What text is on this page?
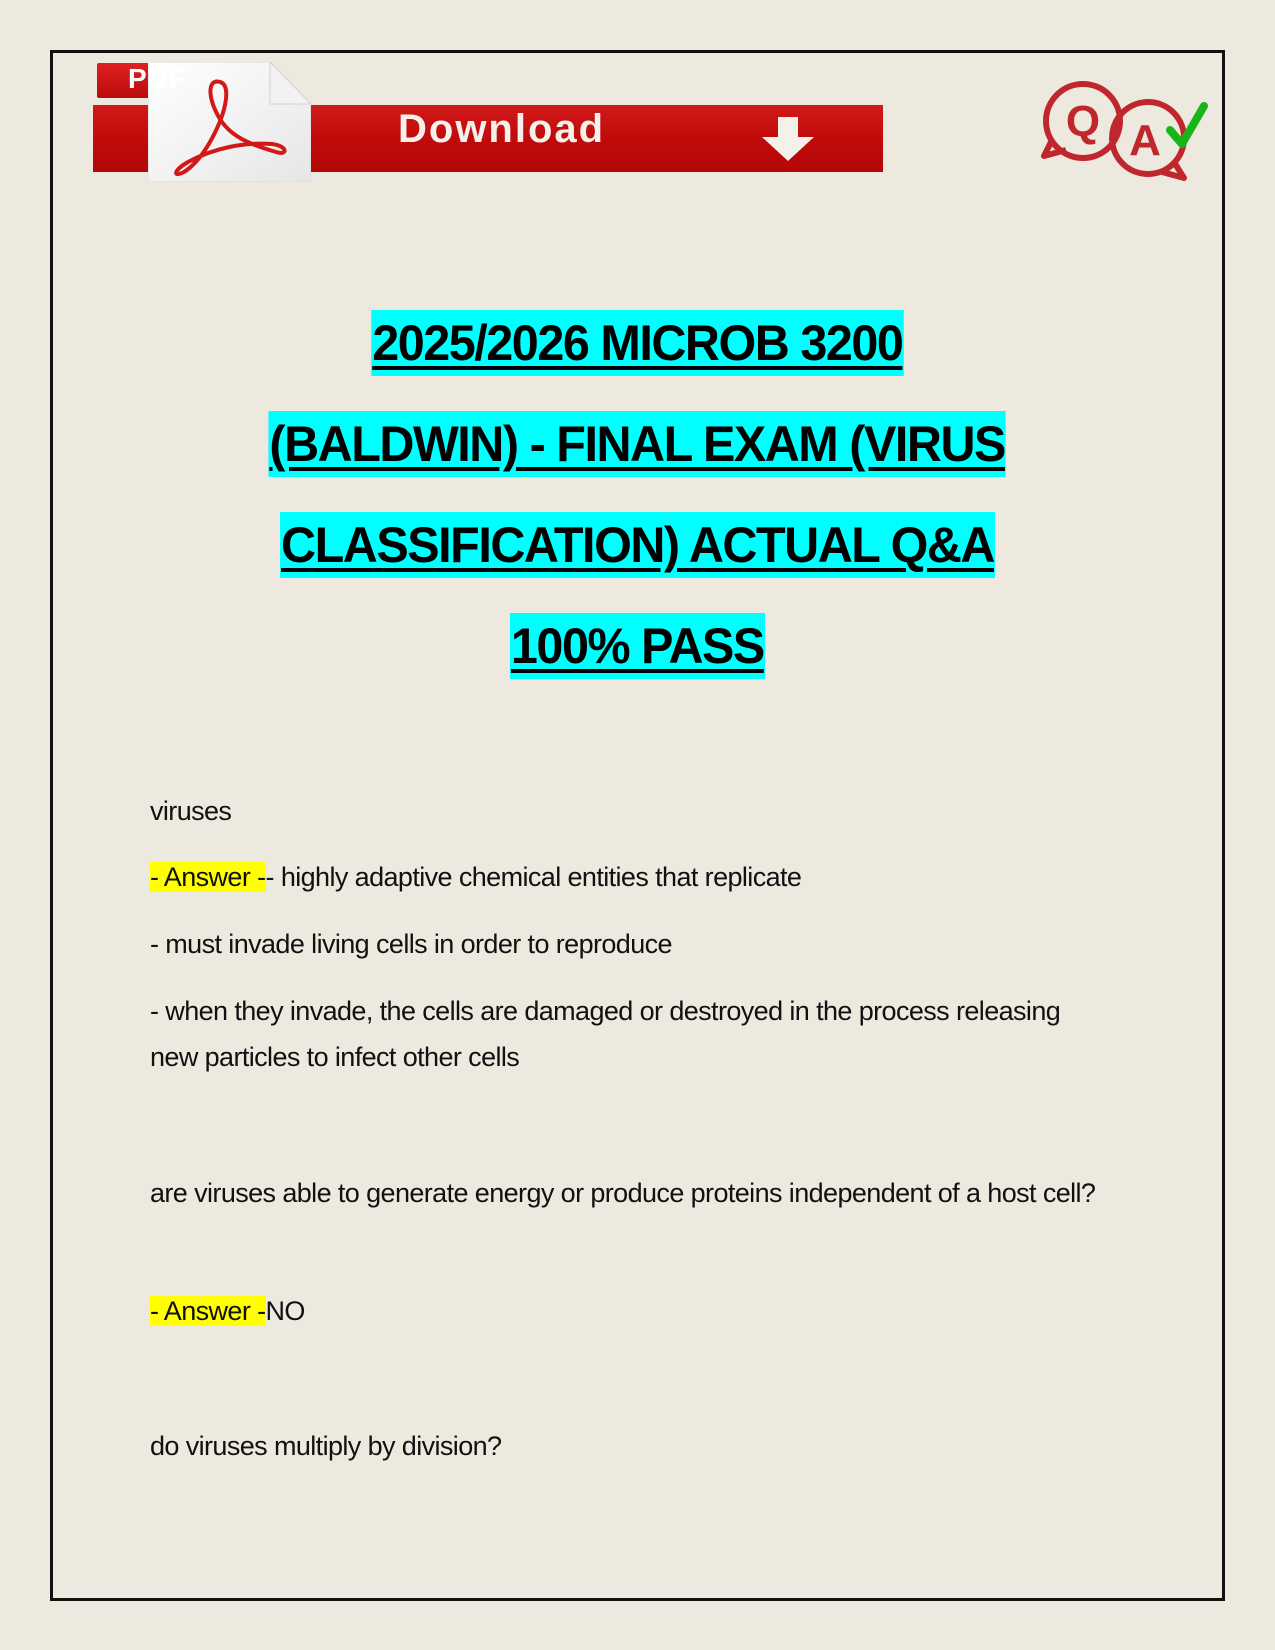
Download
PDF
Q A
2025/2026 MICROB 3200
(BALDWIN) - FINAL EXAM (VIRUS
CLASSIFICATION) ACTUAL Q&A
100% PASS
viruses
- Answer -- highly adaptive chemical entities that replicate
- must invade living cells in order to reproduce
- when they invade, the cells are damaged or destroyed in the process releasing new particles to infect other cells
are viruses able to generate energy or produce proteins independent of a host cell?
- Answer -NO
do viruses multiply by division?
